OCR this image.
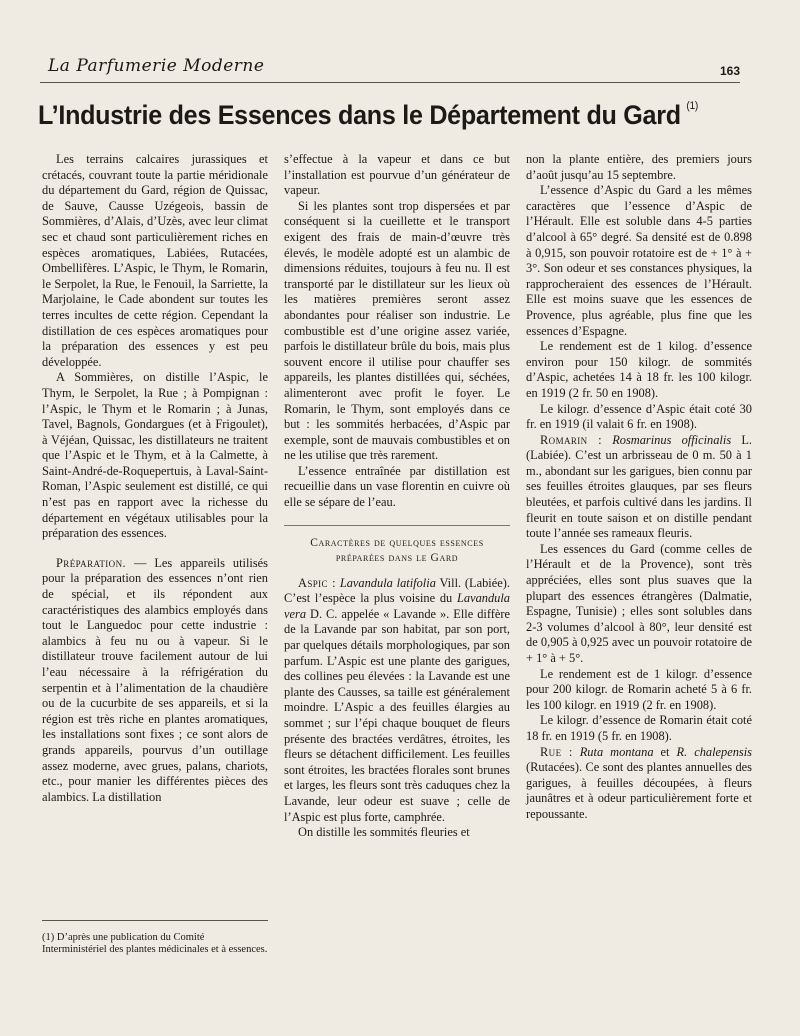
La Parfumerie Moderne	163
L’Industrie des Essences dans le Département du Gard $^{(1)}$

Les terrains calcaires jurassiques et crétacés, couvrant toute la partie méridionale du département du Gard, région de Quissac, de Sauve, Causse Uzégeois, bassin de Sommières, d’Alais, d’Uzès, avec leur climat sec et chaud sont particulièrement riches en espèces aromatiques, Labiées, Rutacées, Ombellifères. L’Aspic, le Thym, le Romarin, le Serpolet, la Rue, le Fenouil, la Sarriette, la Marjolaine, le Cade abondent sur toutes les terres incultes de cette région. Cependant la distillation de ces espèces aromatiques pour la préparation des essences y est peu développée.

A Sommières, on distille l’Aspic, le Thym, le Serpolet, la Rue ; à Pompignan : l’Aspic, le Thym et le Romarin ; à Junas, Tavel, Bagnols, Gondargues (et à Frigoulet), à Véjéan, Quissac, les distillateurs ne traitent que l’Aspic et le Thym, et à la Calmette, à Saint-André-de-Roquepertuis, à Laval-Saint-Roman, l’Aspic seulement est distillé, ce qui n’est pas en rapport avec la richesse du département en végétaux utilisables pour la préparation des essences.

Préparation. — Les appareils utilisés pour la préparation des essences n’ont rien de spécial, et ils répondent aux caractéristiques des alambics employés dans tout le Languedoc pour cette industrie : alambics à feu nu ou à vapeur. Si le distillateur trouve facilement autour de lui l’eau nécessaire à la réfrigération du serpentin et à l’alimentation de la chaudière ou de la cucurbite de ses appareils, et si la région est très riche en plantes aromatiques, les installations sont fixes ; ce sont alors de grands appareils, pourvus d’un outillage assez moderne, avec grues, palans, chariots, etc., pour manier les différentes pièces des alambics. La distillation

(1) D’après une publication du Comité Interministériel des plantes médicinales et à essences.

s’effectue à la vapeur et dans ce but l’installation est pourvue d’un générateur de vapeur.

Si les plantes sont trop dispersées et par conséquent si la cueillette et le transport exigent des frais de main-d’œuvre très élevés, le modèle adopté est un alambic de dimensions réduites, toujours à feu nu. Il est transporté par le distillateur sur les lieux où les matières premières seront assez abondantes pour réaliser son industrie. Le combustible est d’une origine assez variée, parfois le distillateur brûle du bois, mais plus souvent encore il utilise pour chauffer ses appareils, les plantes distillées qui, séchées, alimenteront avec profit le foyer. Le Romarin, le Thym, sont employés dans ce but : les sommités herbacées, d’Aspic par exemple, sont de mauvais combustibles et on ne les utilise que très rarement.

L’essence entraînée par distillation est recueillie dans un vase florentin en cuivre où elle se sépare de l’eau.

Caractères de quelques essences
préparées dans le Gard

Aspic : Lavandula latifolia Vill. (Labiée). C’est l’espèce la plus voisine du Lavandula vera D. C. appelée « Lavande ». Elle diffère de la Lavande par son habitat, par son port, par quelques détails morphologiques, par son parfum. L’Aspic est une plante des garigues, des collines peu élevées : la Lavande est une plante des Causses, sa taille est généralement moindre. L’Aspic a des feuilles élargies au sommet ; sur l’épi chaque bouquet de fleurs présente des bractées verdâtres, étroites, les fleurs se détachent difficilement. Les feuilles sont étroites, les bractées florales sont brunes et larges, les fleurs sont très caduques chez la Lavande, leur odeur est suave ; celle de l’Aspic est plus forte, camphrée.

On distille les sommités fleuries et

non la plante entière, des premiers jours d’août jusqu’au 15 septembre.

L’essence d’Aspic du Gard a les mêmes caractères que l’essence d’Aspic de l’Hérault. Elle est soluble dans 4-5 parties d’alcool à 65° degré. Sa densité est de 0.898 à 0,915, son pouvoir rotatoire est de + 1° à + 3°. Son odeur et ses constances physiques, la rapprocheraient des essences de l’Hérault. Elle est moins suave que les essences de Provence, plus agréable, plus fine que les essences d’Espagne.

Le rendement est de 1 kilog. d’essence environ pour 150 kilogr. de sommités d’Aspic, achetées 14 à 18 fr. les 100 kilogr. en 1919 (2 fr. 50 en 1908).

Le kilogr. d’essence d’Aspic était coté 30 fr. en 1919 (il valait 6 fr. en 1908).

Romarin : Rosmarinus officinalis L. (Labiée). C’est un arbrisseau de 0 m. 50 à 1 m., abondant sur les garigues, bien connu par ses feuilles étroites glauques, par ses fleurs bleutées, et parfois cultivé dans les jardins. Il fleurit en toute saison et on distille pendant toute l’année ses rameaux fleuris.

Les essences du Gard (comme celles de l’Hérault et de la Provence), sont très appréciées, elles sont plus suaves que la plupart des essences étrangères (Dalmatie, Espagne, Tunisie) ; elles sont solubles dans 2-3 volumes d’alcool à 80°, leur densité est de 0,905 à 0,925 avec un pouvoir rotatoire de + 1° à + 5°.

Le rendement est de 1 kilogr. d’essence pour 200 kilogr. de Romarin acheté 5 à 6 fr. les 100 kilogr. en 1919 (2 fr. en 1908).

Le kilogr. d’essence de Romarin était coté 18 fr. en 1919 (5 fr. en 1908).

Rue : Ruta montana et R. chalepensis (Rutacées). Ce sont des plantes annuelles des garigues, à feuilles découpées, à fleurs jaunâtres et à odeur particulièrement forte et repoussante.
